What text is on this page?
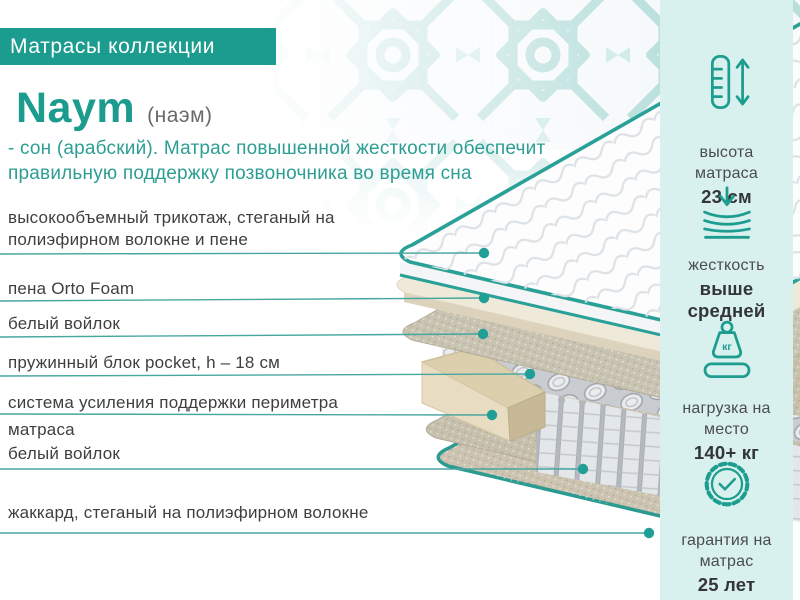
Матрасы коллекции
Naym (наэм)
- сон (арабский). Матрас повышенной жесткости обеспечит правильную поддержку позвоночника во время сна
высокообъемный трикотаж, стеганый на полиэфирном волокне и пене
пена Orto Foam
белый войлок
пружинный блок pocket, h – 18 см
система усиления поддержки периметра матраса
белый войлок
жаккард, стеганый на полиэфирном волокне
высота матраса
23 см
жесткость
выше средней
кг
нагрузка на место
140+ кг
гарантия на матрас
25 лет
